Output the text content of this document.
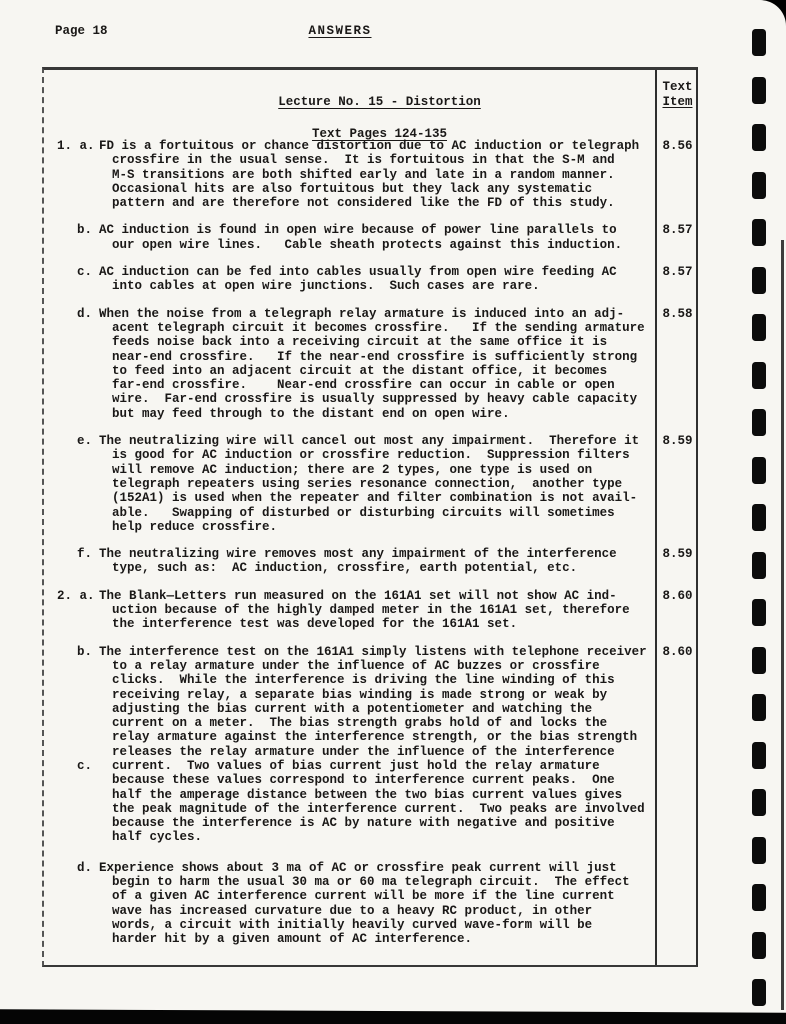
Page 18	ANSWERS

Lecture No. 15 - Distortion

Text Pages 124-135

Text
Item
1. a. FD is a fortuitous or chance distortion due to AC induction or telegraph
crossfire in the usual sense.  It is fortuitous in that the S-M and
M-S transitions are both shifted early and late in a random manner.
Occasional hits are also fortuitous but they lack any systematic
pattern and are therefore not considered like the FD of this study.
8.56
b. AC induction is found in open wire because of power line parallels to
our open wire lines.   Cable sheath protects against this induction.
8.57
c. AC induction can be fed into cables usually from open wire feeding AC
into cables at open wire junctions.  Such cases are rare.
8.57
d. When the noise from a telegraph relay armature is induced into an adj-
acent telegraph circuit it becomes crossfire.   If the sending armature
feeds noise back into a receiving circuit at the same office it is
near-end crossfire.   If the near-end crossfire is sufficiently strong
to feed into an adjacent circuit at the distant office, it becomes
far-end crossfire.    Near-end crossfire can occur in cable or open
wire.  Far-end crossfire is usually suppressed by heavy cable capacity
but may feed through to the distant end on open wire.
8.58
e. The neutralizing wire will cancel out most any impairment.  Therefore it
is good for AC induction or crossfire reduction.  Suppression filters
will remove AC induction; there are 2 types, one type is used on
telegraph repeaters using series resonance connection,  another type
(152A1) is used when the repeater and filter combination is not avail-
able.   Swapping of disturbed or disturbing circuits will sometimes
help reduce crossfire.
8.59
f. The neutralizing wire removes most any impairment of the interference
type, such as:  AC induction, crossfire, earth potential, etc.
8.59
2. a. The Blank—Letters run measured on the 161A1 set will not show AC ind-
uction because of the highly damped meter in the 161A1 set, therefore
the interference test was developed for the 161A1 set.
8.60
b. The interference test on the 161A1 simply listens with telephone receiver
to a relay armature under the influence of AC buzzes or crossfire
clicks.  While the interference is driving the line winding of this
receiving relay, a separate bias winding is made strong or weak by
adjusting the bias current with a potentiometer and watching the
current on a meter.  The bias strength grabs hold of and locks the
relay armature against the interference strength, or the bias strength
releases the relay armature under the influence of the interference
8.60
c.	current.  Two values of bias current just hold the relay armature
because these values correspond to interference current peaks.  One
half the amperage distance between the two bias current values gives
the peak magnitude of the interference current.  Two peaks are involved
because the interference is AC by nature with negative and positive
half cycles.
d. Experience shows about 3 ma of AC or crossfire peak current will just
begin to harm the usual 30 ma or 60 ma telegraph circuit.  The effect
of a given AC interference current will be more if the line current
wave has increased curvature due to a heavy RC product, in other
words, a circuit with initially heavily curved wave-form will be
harder hit by a given amount of AC interference.
